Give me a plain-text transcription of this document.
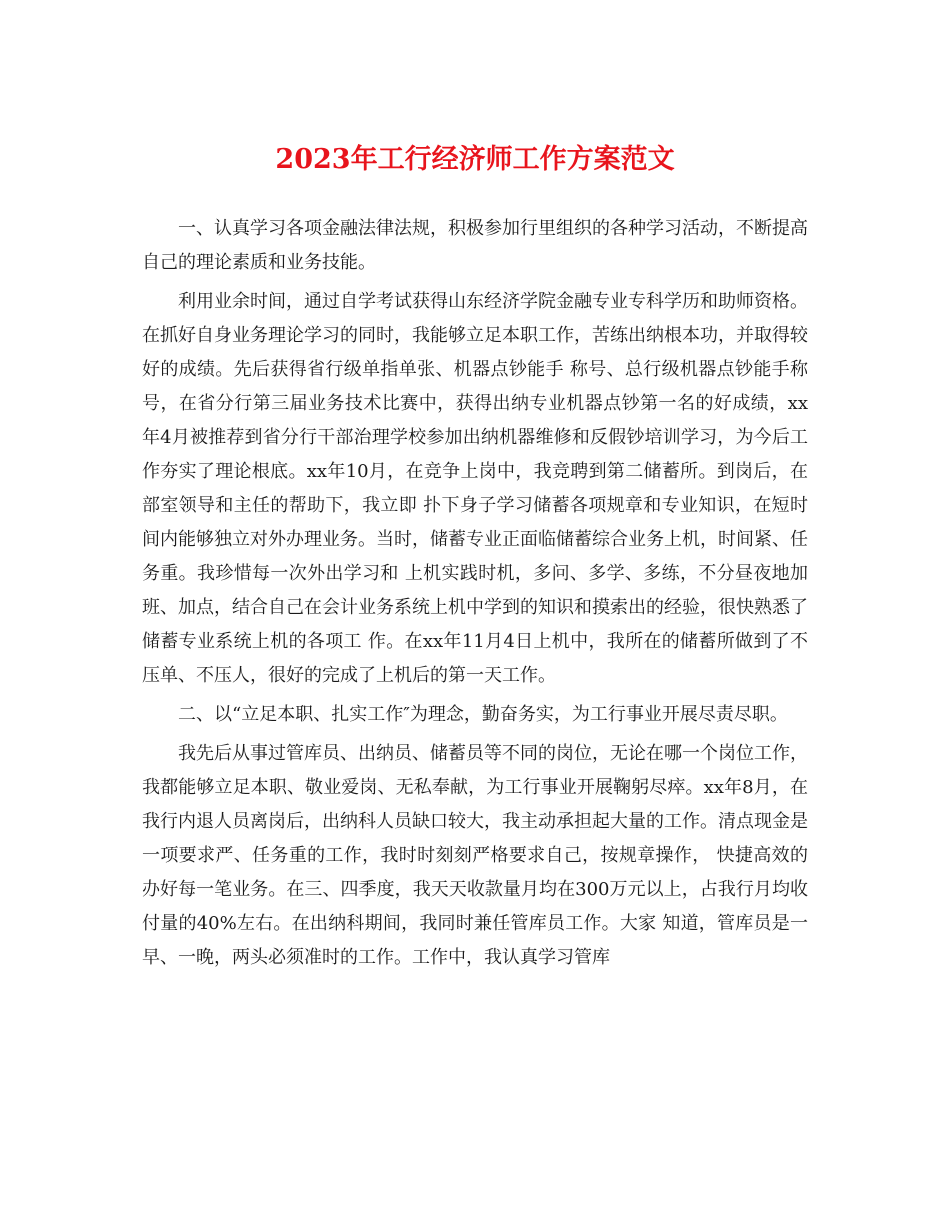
2023年工行经济师工作方案范文

一、认真学习各项金融法律法规，积极参加行里组织的各种学习活动，不断提高自己的理论素质和业务技能。

利用业余时间，通过自学考试获得山东经济学院金融专业专科学历和助师资格。在抓好自身业务理论学习的同时，我能够立足本职工作，苦练出纳根本功，并取得较好的成绩。先后获得省行级单指单张、机器点钞能手 称号、总行级机器点钞能手称号，在省分行第三届业务技术比赛中，获得出纳专业机器点钞第一名的好成绩，xx年4月被推荐到省分行干部治理学校参加出纳机器维修和反假钞培训学习，为今后工作夯实了理论根底。xx年10月，在竞争上岗中，我竞聘到第二储蓄所。到岗后，在部室领导和主任的帮助下，我立即 扑下身子学习储蓄各项规章和专业知识，在短时间内能够独立对外办理业务。当时，储蓄专业正面临储蓄综合业务上机，时间紧、任务重。我珍惜每一次外出学习和 上机实践时机，多问、多学、多练，不分昼夜地加班、加点，结合自己在会计业务系统上机中学到的知识和摸索出的经验，很快熟悉了储蓄专业系统上机的各项工 作。在xx年11月4日上机中，我所在的储蓄所做到了不压单、不压人，很好的完成了上机后的第一天工作。

二、以“立足本职、扎实工作″为理念，勤奋务实，为工行事业开展尽责尽职。

我先后从事过管库员、出纳员、储蓄员等不同的岗位，无论在哪一个岗位工作，我都能够立足本职、敬业爱岗、无私奉献，为工行事业开展鞠躬尽瘁。xx年8月，在我行内退人员离岗后，出纳科人员缺口较大，我主动承担起大量的工作。清点现金是一项要求严、任务重的工作，我时时刻刻严格要求自己，按规章操作， 快捷高效的办好每一笔业务。在三、四季度，我天天收款量月均在300万元以上，占我行月均收付量的40%左右。在出纳科期间，我同时兼任管库员工作。大家 知道，管库员是一早、一晚，两头必须准时的工作。工作中，我认真学习管库
